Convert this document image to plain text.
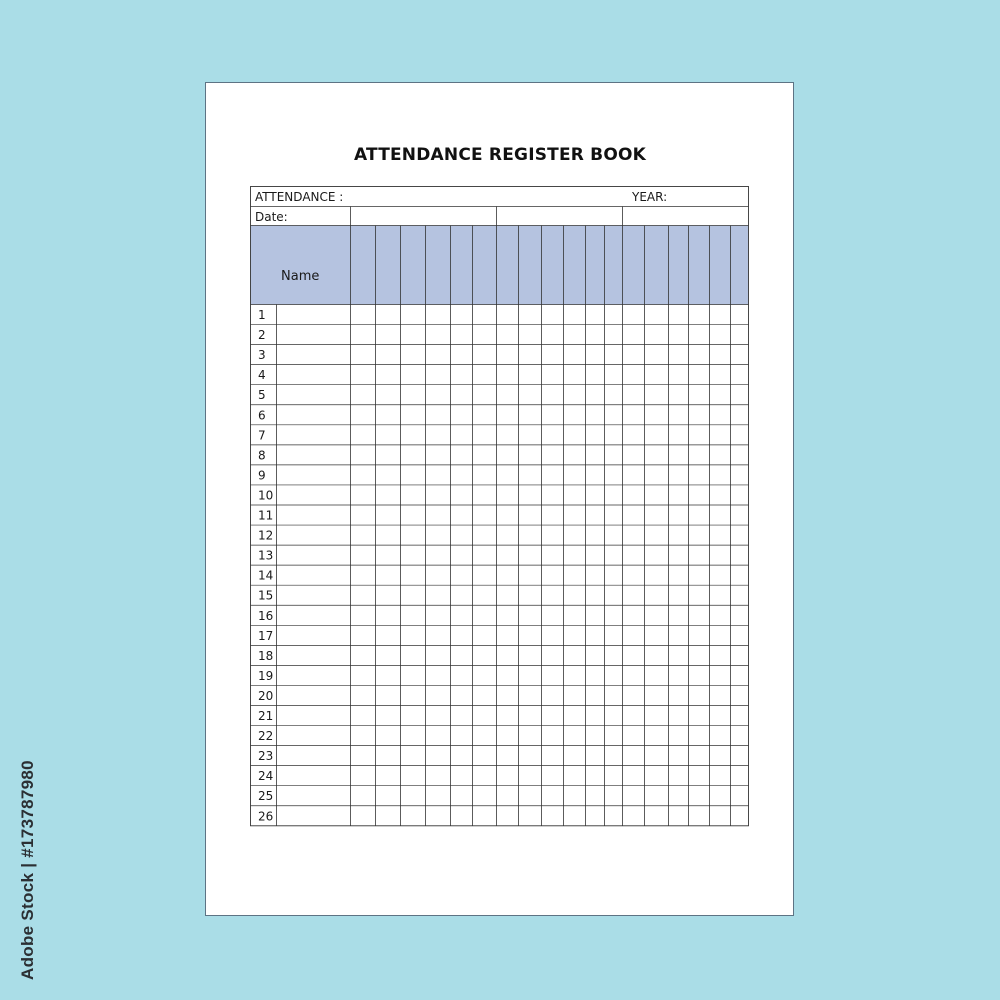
Adobe Stock | #173787980
ATTENDANCE REGISTER BOOK
ATTENDANCE :	YEAR:
Date:
Name
1
2
3
4
5
6
7
8
9
10
11
12
13
14
15
16
17
18
19
20
21
22
23
24
25
26
